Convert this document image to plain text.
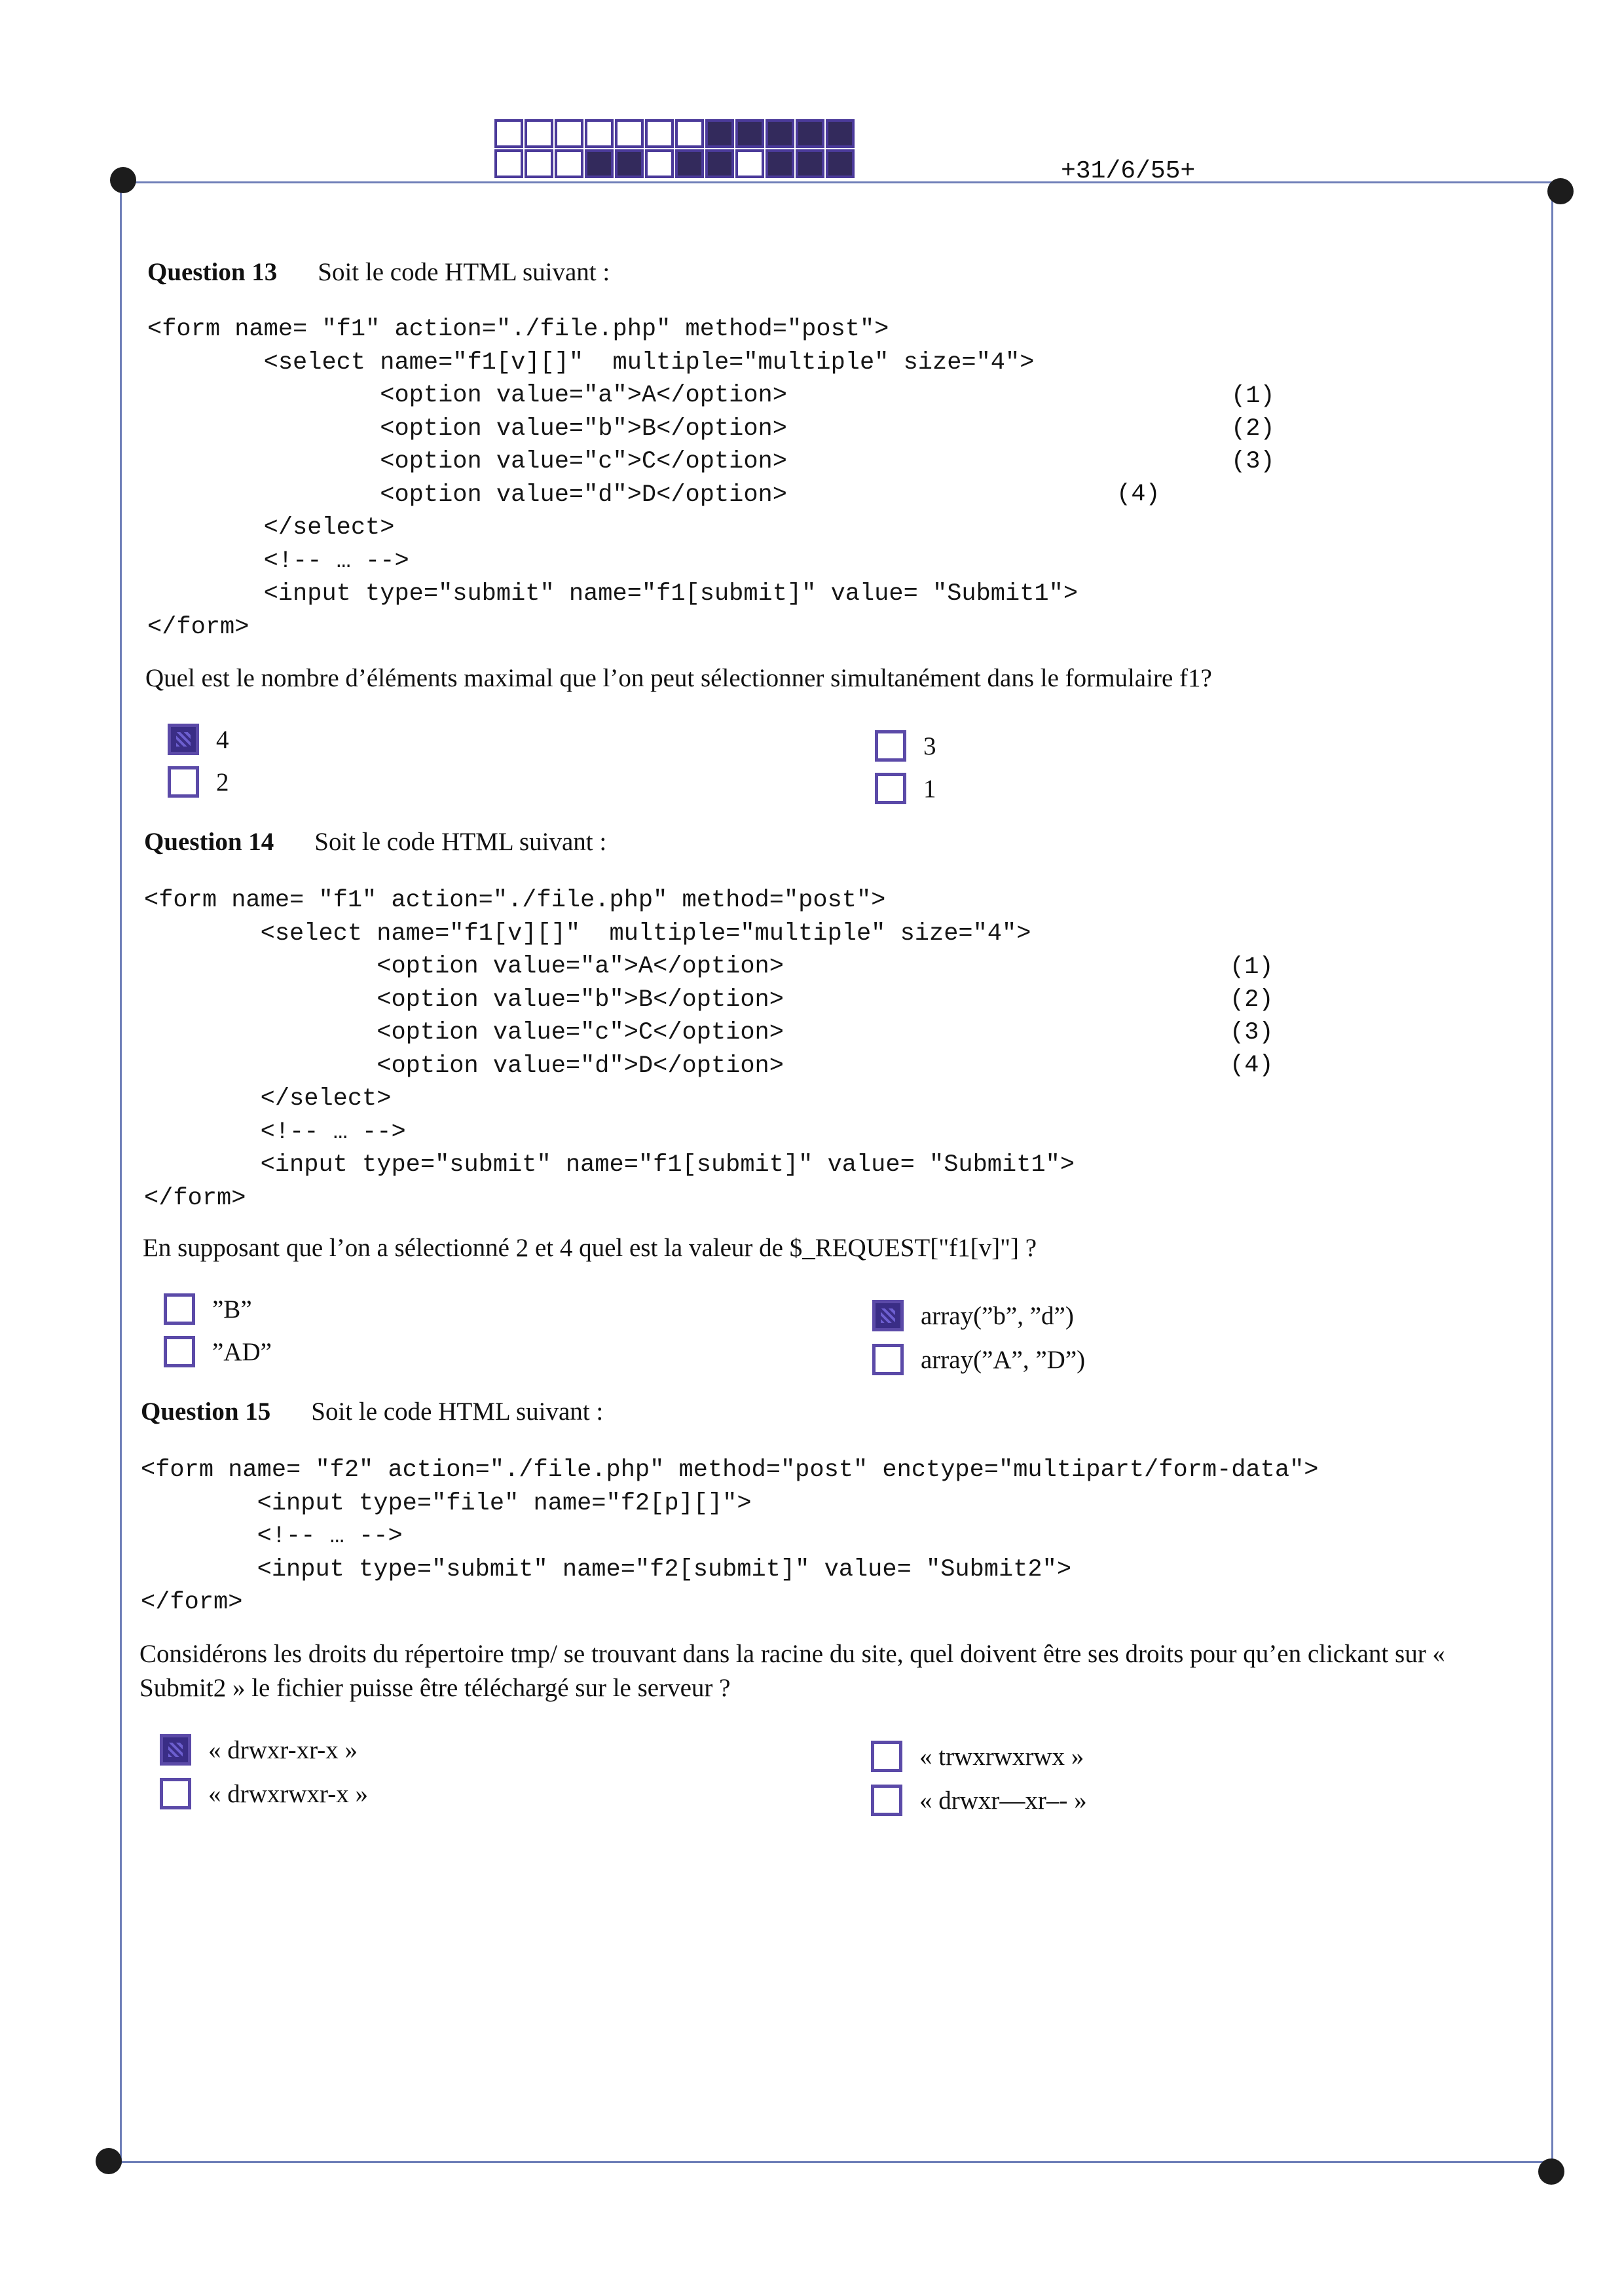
+31/6/55+
Question 13 Soit le code HTML suivant :
<form name= "f1" action="./file.php" method="post">
<select name="f1[v][]"  multiple="multiple" size="4">
<option value="a">A</option>
<option value="b">B</option>
<option value="c">C</option>
<option value="d">D</option>
</select>
<!-- … -->
<input type="submit" name="f1[submit]" value= "Submit1">
</form>
(1)
(2)
(3)
(4)
Quel est le nombre d’éléments maximal que l’on peut sélectionner simultanément dans le formulaire f1?
4	3
2	1
Question 14 Soit le code HTML suivant :
<form name= "f1" action="./file.php" method="post">
<select name="f1[v][]"  multiple="multiple" size="4">
<option value="a">A</option>
<option value="b">B</option>
<option value="c">C</option>
<option value="d">D</option>
</select>
<!-- … -->
<input type="submit" name="f1[submit]" value= "Submit1">
</form>
(1)
(2)
(3)
(4)
En supposant que l’on a sélectionné 2 et 4 quel est la valeur de $_REQUEST["f1[v]"] ?
”B”	array(”b”, ”d”)
”AD”	array(”A”, ”D”)
Question 15 Soit le code HTML suivant :
<form name= "f2" action="./file.php" method="post" enctype="multipart/form-data">
<input type="file" name="f2[p][]">
<!-- … -->
<input type="submit" name="f2[submit]" value= "Submit2">
</form>
Considérons les droits du répertoire tmp/ se trouvant dans la racine du site, quel doivent être ses droits pour qu’en clickant sur « Submit2 » le fichier puisse être téléchargé sur le serveur ?
« drwxr-xr-x »	« trwxrwxrwx »
« drwxrwxr-x »	« drwxr—xr–- »
